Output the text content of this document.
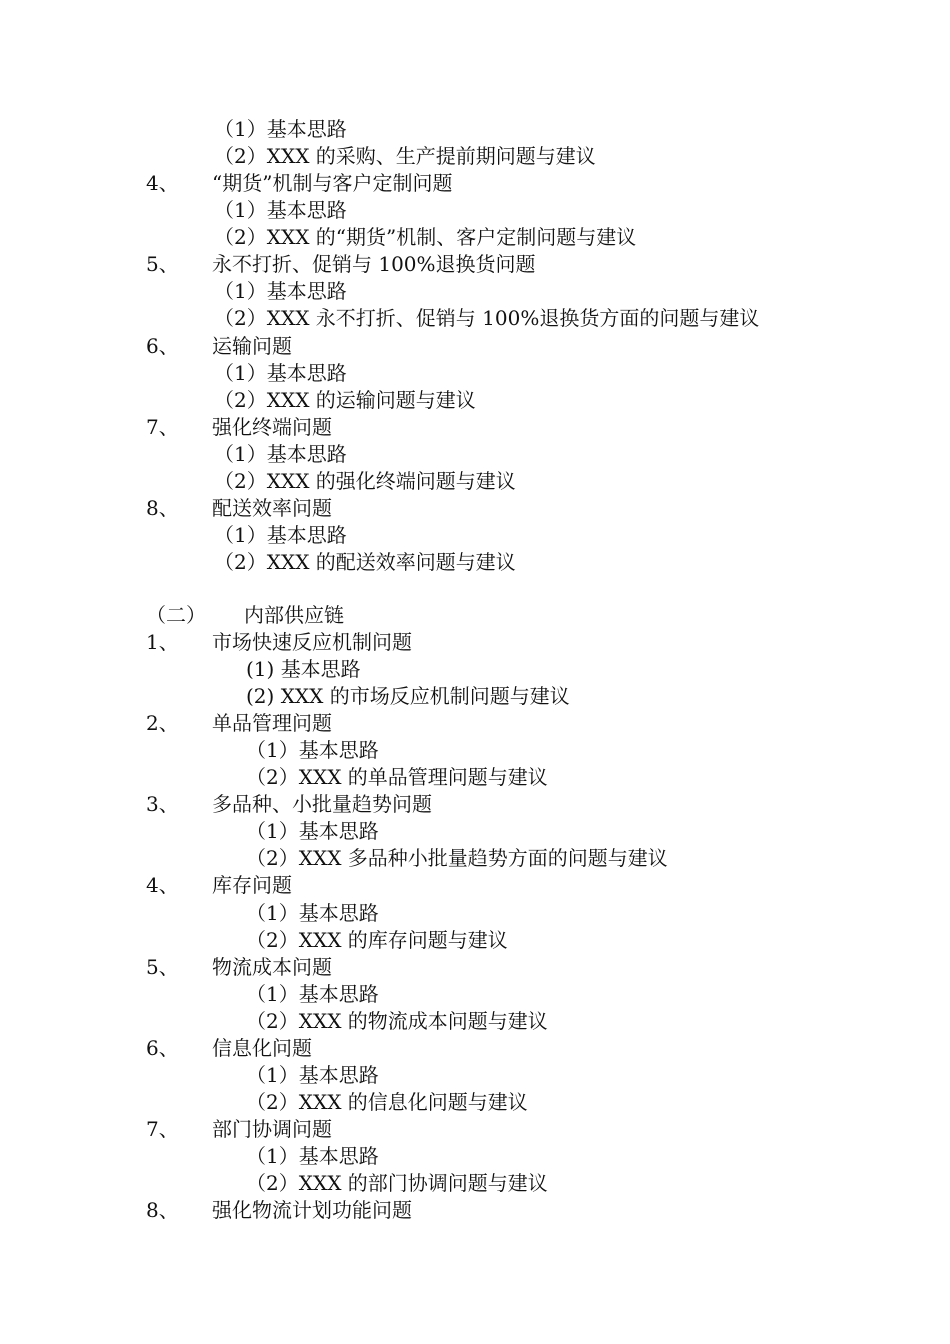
（1）基本思路
（2）XXX 的采购、生产提前期问题与建议
4、 “期货”机制与客户定制问题
（1）基本思路
（2）XXX 的“期货”机制、客户定制问题与建议
5、 永不打折、促销与 100%退换货问题
（1）基本思路
（2）XXX 永不打折、促销与 100%退换货方面的问题与建议
6、 运输问题
（1）基本思路
（2）XXX 的运输问题与建议
7、 强化终端问题
（1）基本思路
（2）XXX 的强化终端问题与建议
8、 配送效率问题
（1）基本思路
（2）XXX 的配送效率问题与建议
（二） 内部供应链
1、 市场快速反应机制问题
(1) 基本思路
(2) XXX 的市场反应机制问题与建议
2、 单品管理问题
（1）基本思路
（2）XXX 的单品管理问题与建议
3、 多品种、小批量趋势问题
（1）基本思路
（2）XXX 多品种小批量趋势方面的问题与建议
4、 库存问题
（1）基本思路
（2）XXX 的库存问题与建议
5、 物流成本问题
（1）基本思路
（2）XXX 的物流成本问题与建议
6、 信息化问题
（1）基本思路
（2）XXX 的信息化问题与建议
7、 部门协调问题
（1）基本思路
（2）XXX 的部门协调问题与建议
8、 强化物流计划功能问题
